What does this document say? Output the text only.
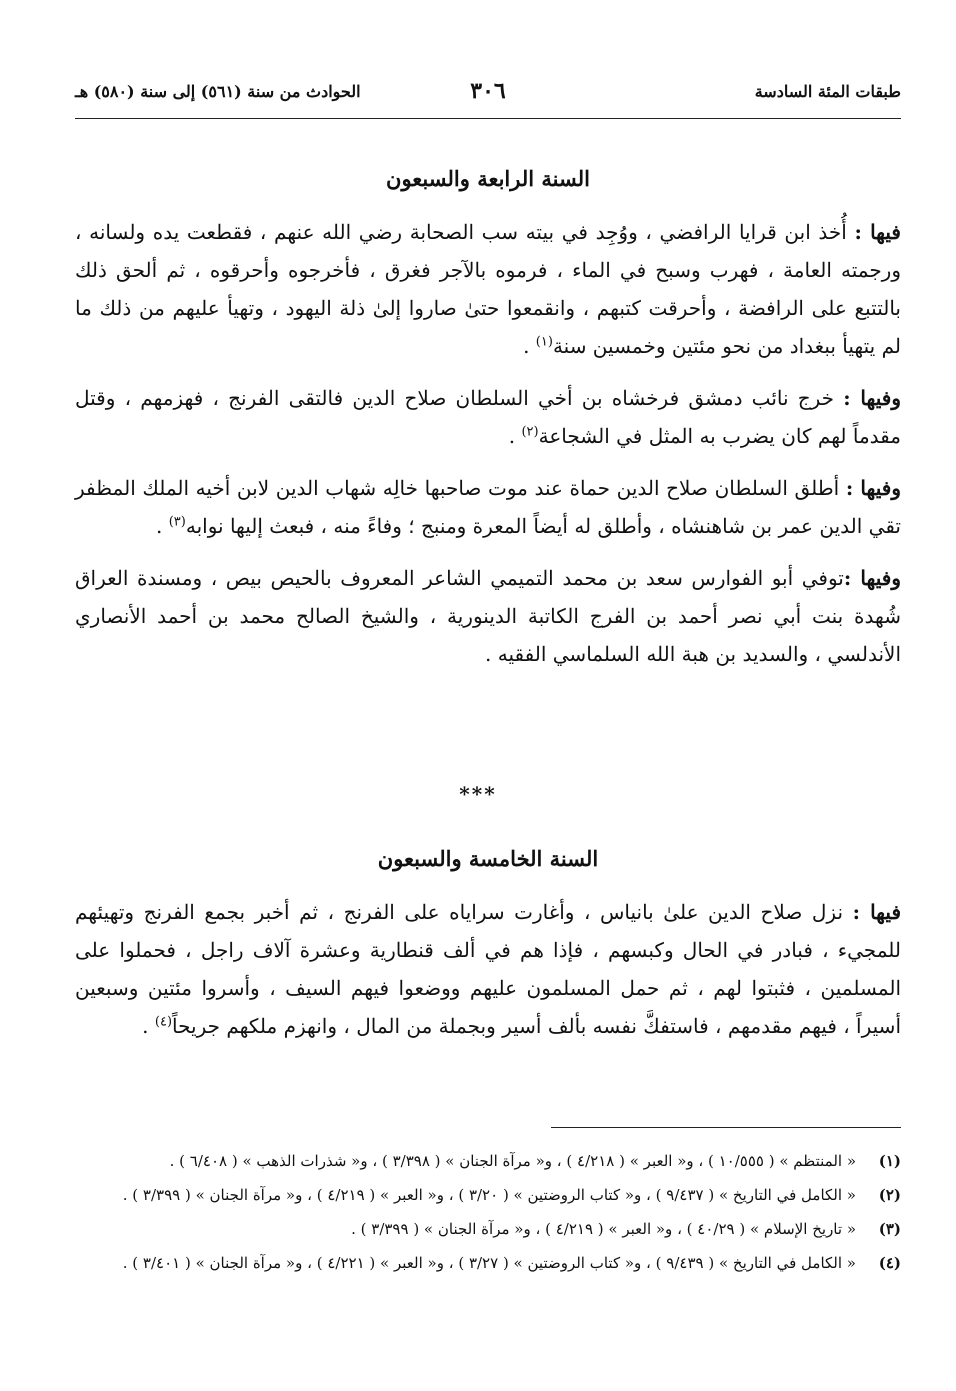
طبقات المئة السادسة
٣٠٦
الحوادث من سنة (٥٦١) إلى سنة (٥٨٠) هـ
السنة الرابعة والسبعون

فيها : أُخذ ابن قرايا الرافضي ، ووُجِد في بيته سب الصحابة رضي الله عنهم ، فقطعت يده ولسانه ، ورجمته العامة ، فهرب وسبح في الماء ، فرموه بالآجر فغرق ، فأخرجوه وأحرقوه ، ثم ألحق ذلك بالتتبع على الرافضة ، وأحرقت كتبهم ، وانقمعوا حتىٰ صاروا إلىٰ ذلة اليهود ، وتهيأ عليهم من ذلك ما لم يتهيأ ببغداد من نحو مئتين وخمسين سنة$^{(١)}$ .

وفيها : خرج نائب دمشق فرخشاه بن أخي السلطان صلاح الدين فالتقى الفرنج ، فهزمهم ، وقتل مقدماً لهم كان يضرب به المثل في الشجاعة$^{(٢)}$ .

وفيها : أطلق السلطان صلاح الدين حماة عند موت صاحبها خالِه شهاب الدين لابن أخيه الملك المظفر تقي الدين عمر بن شاهنشاه ، وأطلق له أيضاً المعرة ومنبج ؛ وفاءً منه ، فبعث إليها نوابه$^{(٣)}$ .

وفيها :توفي أبو الفوارس سعد بن محمد التميمي الشاعر المعروف بالحيص بيص ، ومسندة العراق شُهدة بنت أبي نصر أحمد بن الفرج الكاتبة الدينورية ، والشيخ الصالح محمد بن أحمد الأنصاري الأندلسي ، والسديد بن هبة الله السلماسي الفقيه .

***
السنة الخامسة والسبعون

فيها : نزل صلاح الدين علىٰ بانياس ، وأغارت سراياه على الفرنج ، ثم أخبر بجمع الفرنج وتهيئهم للمجيء ، فبادر في الحال وكبسهم ، فإذا هم في ألف قنطارية وعشرة آلاف راجل ، فحملوا على المسلمين ، فثبتوا لهم ، ثم حمل المسلمون عليهم ووضعوا فيهم السيف ، وأسروا مئتين وسبعين أسيراً ، فيهم مقدمهم ، فاستفكَّ نفسه بألف أسير وبجملة من المال ، وانهزم ملكهم جريحاً$^{(٤)}$ .

(١)
« المنتظم » ( ١٠/٥٥٥ ) ، و« العبر » ( ٤/٢١٨ ) ، و« مرآة الجنان » ( ٣/٣٩٨ ) ، و« شذرات الذهب » ( ٦/٤٠٨ ) .
(٢)
« الكامل في التاريخ » ( ٩/٤٣٧ ) ، و« كتاب الروضتين » ( ٣/٢٠ ) ، و« العبر » ( ٤/٢١٩ ) ، و« مرآة الجنان » ( ٣/٣٩٩ ) .
(٣)
« تاريخ الإسلام » ( ٤٠/٢٩ ) ، و« العبر » ( ٤/٢١٩ ) ، و« مرآة الجنان » ( ٣/٣٩٩ ) .
(٤)
« الكامل في التاريخ » ( ٩/٤٣٩ ) ، و« كتاب الروضتين » ( ٣/٢٧ ) ، و« العبر » ( ٤/٢٢١ ) ، و« مرآة الجنان » ( ٣/٤٠١ ) .
